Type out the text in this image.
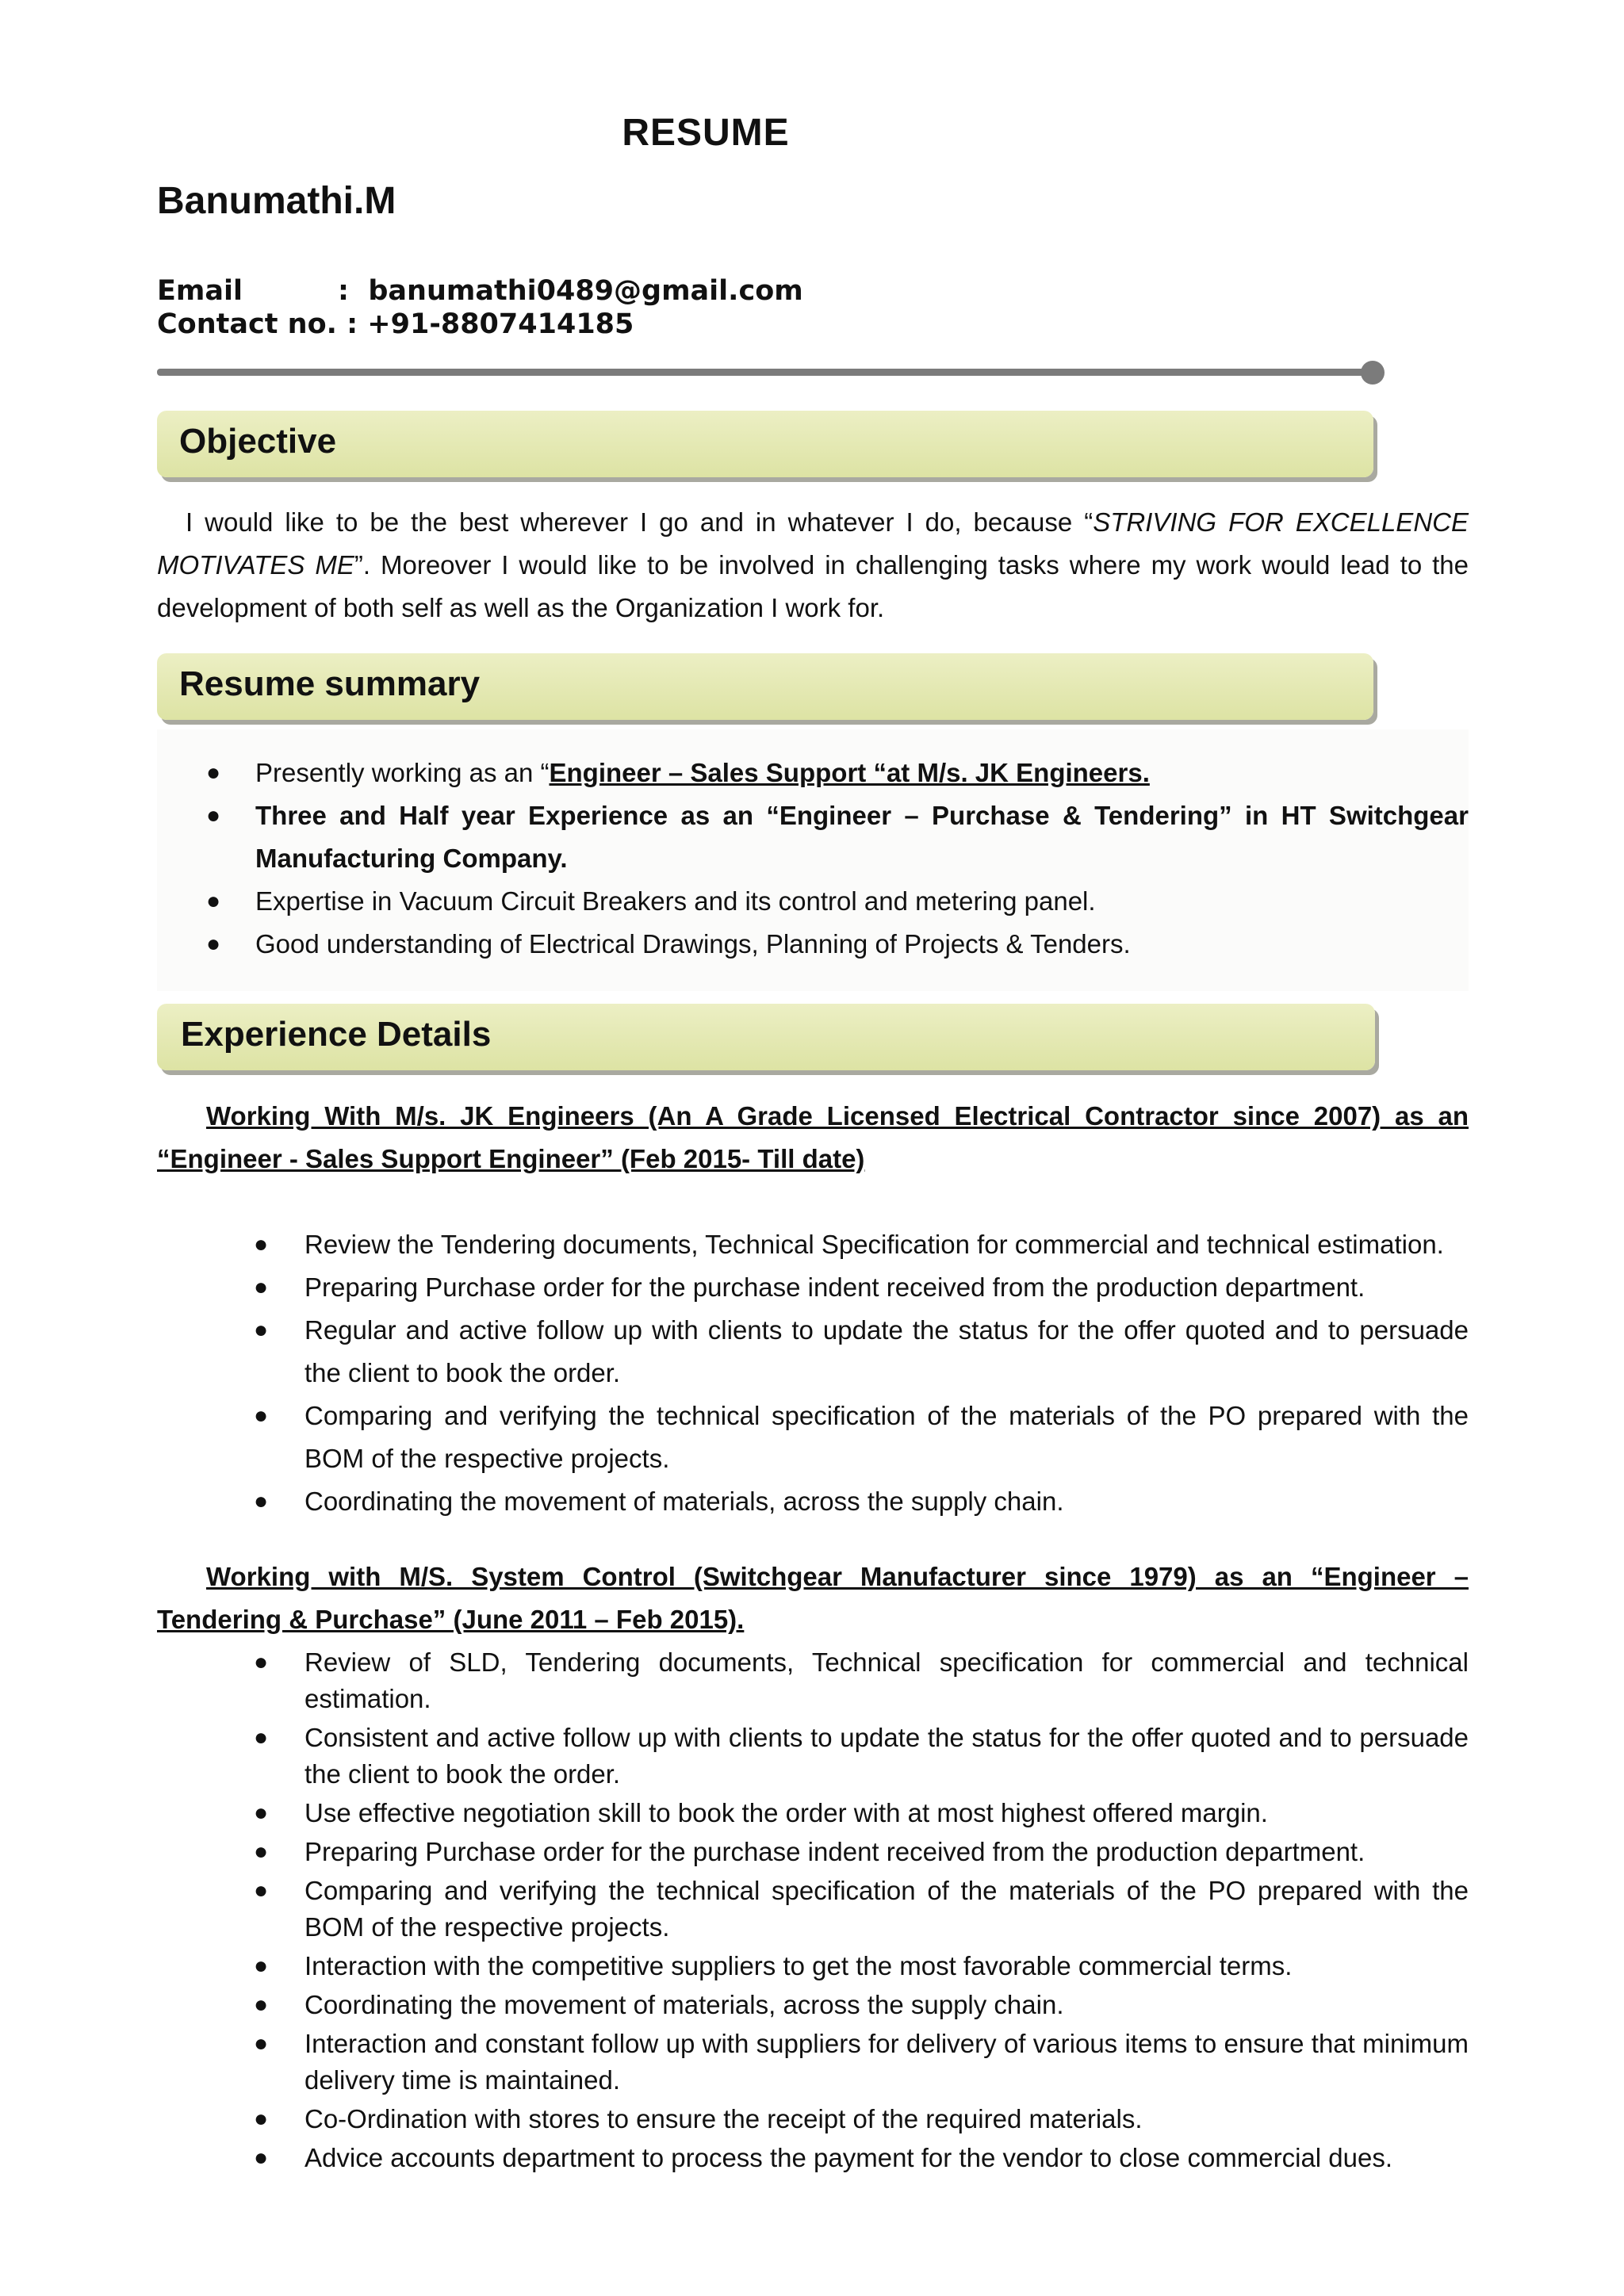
RESUME
Banumathi.M
Email	: banumathi0489@gmail.com
Contact no. : +91-8807414185
Objective
I would like to be the best wherever I go and in whatever I do, because “STRIVING FOR EXCELLENCE MOTIVATES ME”. Moreover I would like to be involved in challenging tasks where my work would lead to the development of both self as well as the Organization I work for.
Resume summary
● Presently working as an “Engineer – Sales Support “at M/s. JK Engineers.
● Three and Half year Experience as an “Engineer – Purchase & Tendering” in HT Switchgear Manufacturing Company.
● Expertise in Vacuum Circuit Breakers and its control and metering panel.
● Good understanding of Electrical Drawings, Planning of Projects & Tenders.
Experience Details
Working With M/s. JK Engineers (An A Grade Licensed Electrical Contractor since 2007) as an “Engineer - Sales Support Engineer” (Feb 2015- Till date)
● Review the Tendering documents, Technical Specification for commercial and technical estimation.
● Preparing Purchase order for the purchase indent received from the production department.
● Regular and active follow up with clients to update the status for the offer quoted and to persuade the client to book the order.
● Comparing and verifying the technical specification of the materials of the PO prepared with the BOM of the respective projects.
● Coordinating the movement of materials, across the supply chain.
Working with M/S. System Control (Switchgear Manufacturer since 1979) as an “Engineer – Tendering & Purchase” (June 2011 – Feb 2015).
● Review of SLD, Tendering documents, Technical specification for commercial and technical estimation.
● Consistent and active follow up with clients to update the status for the offer quoted and to persuade the client to book the order.
● Use effective negotiation skill to book the order with at most highest offered margin.
● Preparing Purchase order for the purchase indent received from the production department.
● Comparing and verifying the technical specification of the materials of the PO prepared with the BOM of the respective projects.
● Interaction with the competitive suppliers to get the most favorable commercial terms.
● Coordinating the movement of materials, across the supply chain.
● Interaction and constant follow up with suppliers for delivery of various items to ensure that minimum delivery time is maintained.
● Co-Ordination with stores to ensure the receipt of the required materials.
● Advice accounts department to process the payment for the vendor to close commercial dues.
